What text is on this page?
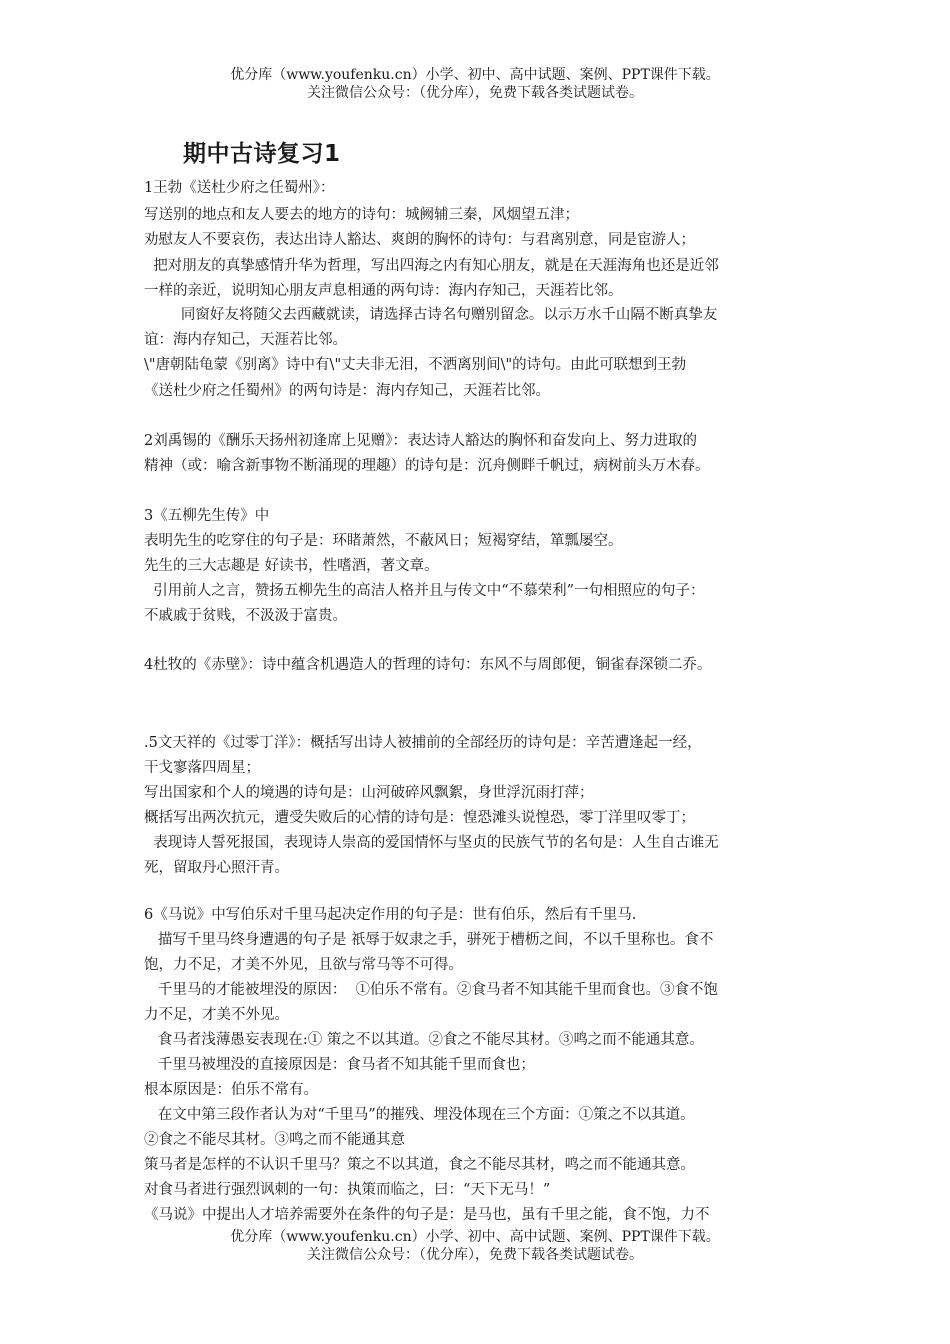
优分库（www.youfenku.cn）小学、初中、高中试题、案例、PPT课件下载。
关注微信公众号：（优分库），免费下载各类试题试卷。
期中古诗复习1
1王勃《送杜少府之任蜀州》：
写送别的地点和友人要去的地方的诗句：城阙辅三秦，风烟望五津；
劝慰友人不要哀伤，表达出诗人豁达、爽朗的胸怀的诗句：与君离别意，同是宦游人；
把对朋友的真挚感情升华为哲理，写出四海之内有知心朋友，就是在天涯海角也还是近邻
一样的亲近，说明知心朋友声息相通的两句诗：海内存知己，天涯若比邻。
同窗好友将随父去西藏就读，请选择古诗名句赠别留念。以示万水千山隔不断真挚友
谊：海内存知己，天涯若比邻。
\"唐朝陆龟蒙《别离》诗中有\"丈夫非无泪，不洒离别间\"的诗句。由此可联想到王勃
《送杜少府之任蜀州》的两句诗是：海内存知己，天涯若比邻。
2刘禹锡的《酬乐天扬州初逢席上见赠》：表达诗人豁达的胸怀和奋发向上、努力进取的
精神（或：喻含新事物不断涌现的理趣）的诗句是：沉舟侧畔千帆过，病树前头万木春。
3《五柳先生传》中
表明先生的吃穿住的句子是：环睹萧然，不蔽风日；短褐穿结，箪瓢屡空。
先生的三大志趣是 好读书，性嗜酒，著文章。
引用前人之言，赞扬五柳先生的高洁人格并且与传文中“不慕荣利”一句相照应的句子：
不戚戚于贫贱，不汲汲于富贵。
4杜牧的《赤壁》：诗中蕴含机遇造人的哲理的诗句：东风不与周郎便，铜雀春深锁二乔。
.5文天祥的《过零丁洋》：概括写出诗人被捕前的全部经历的诗句是：辛苦遭逢起一经，
干戈寥落四周星；
写出国家和个人的境遇的诗句是：山河破碎风飘絮，身世浮沉雨打萍；
概括写出两次抗元，遭受失败后的心情的诗句是：惶恐滩头说惶恐，零丁洋里叹零丁；
表现诗人誓死报国，表现诗人崇高的爱国情怀与坚贞的民族气节的名句是：人生自古谁无
死，留取丹心照汗青。
6《马说》中写伯乐对千里马起决定作用的句子是：世有伯乐，然后有千里马.
描写千里马终身遭遇的句子是 祇辱于奴隶之手，骈死于槽枥之间，不以千里称也。食不
饱，力不足，才美不外见，且欲与常马等不可得。
千里马的才能被埋没的原因：  ①伯乐不常有。②食马者不知其能千里而食也。③食不饱
力不足，才美不外见。
食马者浅薄愚妄表现在:① 策之不以其道。②食之不能尽其材。③鸣之而不能通其意。
千里马被埋没的直接原因是：食马者不知其能千里而食也；
根本原因是：伯乐不常有。
在文中第三段作者认为对“千里马”的摧残、埋没体现在三个方面：①策之不以其道。
②食之不能尽其材。③鸣之而不能通其意
策马者是怎样的不认识千里马？策之不以其道，食之不能尽其材，鸣之而不能通其意。
对食马者进行强烈讽刺的一句：执策而临之，曰：“天下无马！”
《马说》中提出人才培养需要外在条件的句子是：是马也，虽有千里之能，食不饱，力不
优分库（www.youfenku.cn）小学、初中、高中试题、案例、PPT课件下载。
关注微信公众号：（优分库），免费下载各类试题试卷。
